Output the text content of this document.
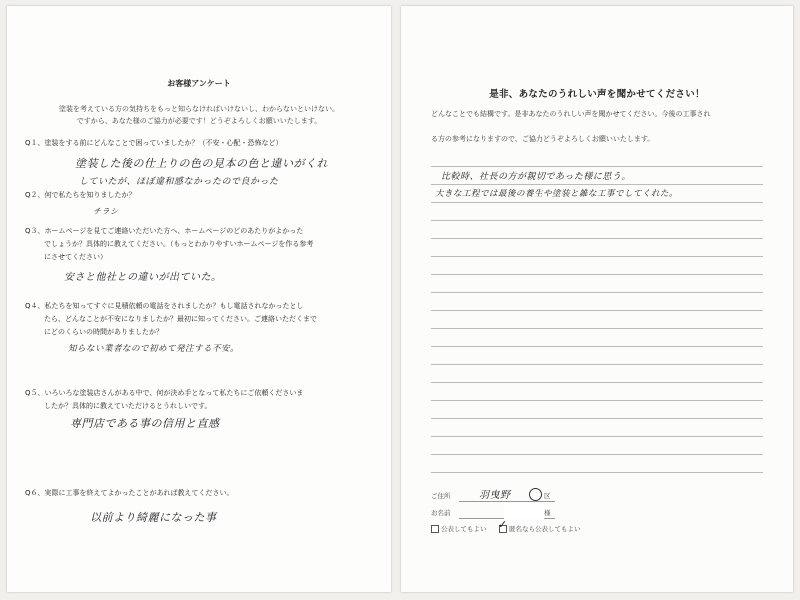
お客様アンケート
塗装を考えている方の気持ちをもっと知らなければいけないし、わからないといけない。
ですから、あなた様のご協力が必要です！どうぞよろしくお願いいたします。
Q１、塗装をする前にどんなことで困っていましたか？（不安・心配・恐怖など）
塗装した後の仕上りの色の見本の色と違いがくれ
していたが、ほぼ違和感なかったので良かった
Q２、何で私たちを知りましたか？
チラシ
Q３、ホームページを見てご連絡いただいた方へ、ホームページのどのあたりがよかった
でしょうか？具体的に教えてください。（もっとわかりやすいホームページを作る参考
にさせてください）
安さと他社との違いが出ていた。
Q４、私たちを知ってすぐに見積依頼の電話をされましたか？もし電話されなかったとし
たら、どんなことが不安になりましたか？最初に知ってください。ご連絡いただくまで
にどのくらいの時間がありましたか？
知らない業者なので初めて発注する不安。
Q５、いろいろな塗装店さんがある中で、何が決め手となって私たちにご依頼くださいま
したか？具体的に教えていただけるとうれしいです。
専門店である事の信用と直感
Q６、実際に工事を終えてよかったことがあれば教えてください。
以前より綺麗になった事
是非、あなたのうれしい声を聞かせてください！
どんなことでも結構です。是非あなたのうれしい声を聞かせてください。今後の工事され
る方の参考になりますので、ご協力どうぞよろしくお願いいたします。
比較時、社長の方が親切であった様に思う。
大きな工程では最後の養生や塗装と雑な工事でしてくれた。
ご住所	羽曳野	区
お名前	様
公表してもよい ✓ 匿名なら公表してもよい
